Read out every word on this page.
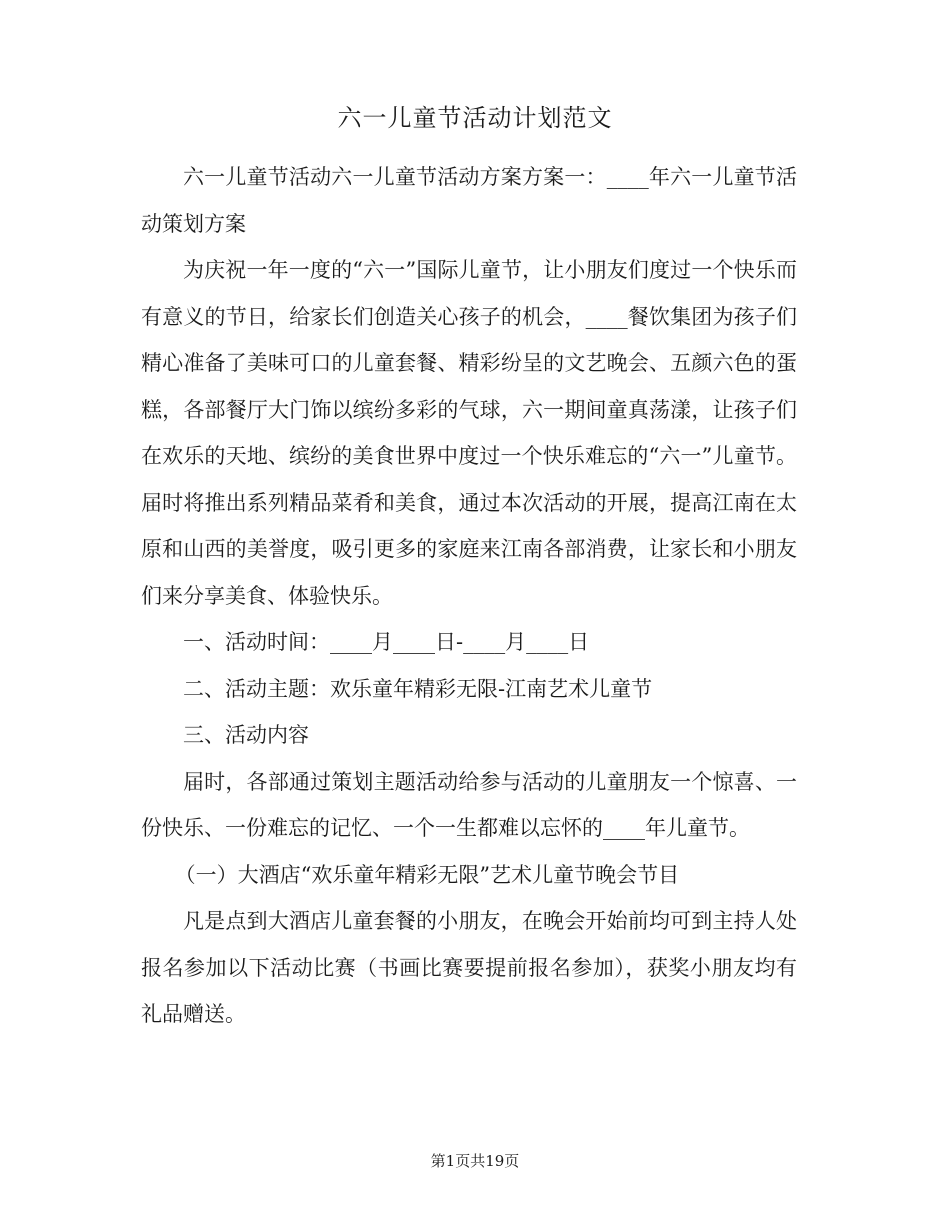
六一儿童节活动计划范文

六一儿童节活动六一儿童节活动方案方案一：____年六一儿童节活动策划方案

为庆祝一年一度的“六一”国际儿童节，让小朋友们度过一个快乐而有意义的节日，给家长们创造关心孩子的机会，____餐饮集团为孩子们精心准备了美味可口的儿童套餐、精彩纷呈的文艺晚会、五颜六色的蛋糕，各部餐厅大门饰以缤纷多彩的气球，六一期间童真荡漾，让孩子们在欢乐的天地、缤纷的美食世界中度过一个快乐难忘的“六一”儿童节。届时将推出系列精品菜肴和美食，通过本次活动的开展，提高江南在太原和山西的美誉度，吸引更多的家庭来江南各部消费，让家长和小朋友们来分享美食、体验快乐。

一、活动时间：____月____日-____月____日

二、活动主题：欢乐童年精彩无限-江南艺术儿童节

三、活动内容

届时，各部通过策划主题活动给参与活动的儿童朋友一个惊喜、一份快乐、一份难忘的记忆、一个一生都难以忘怀的____年儿童节。

（一）大酒店“欢乐童年精彩无限”艺术儿童节晚会节目

凡是点到大酒店儿童套餐的小朋友，在晚会开始前均可到主持人处报名参加以下活动比赛（书画比赛要提前报名参加），获奖小朋友均有礼品赠送。

第1页共19页
